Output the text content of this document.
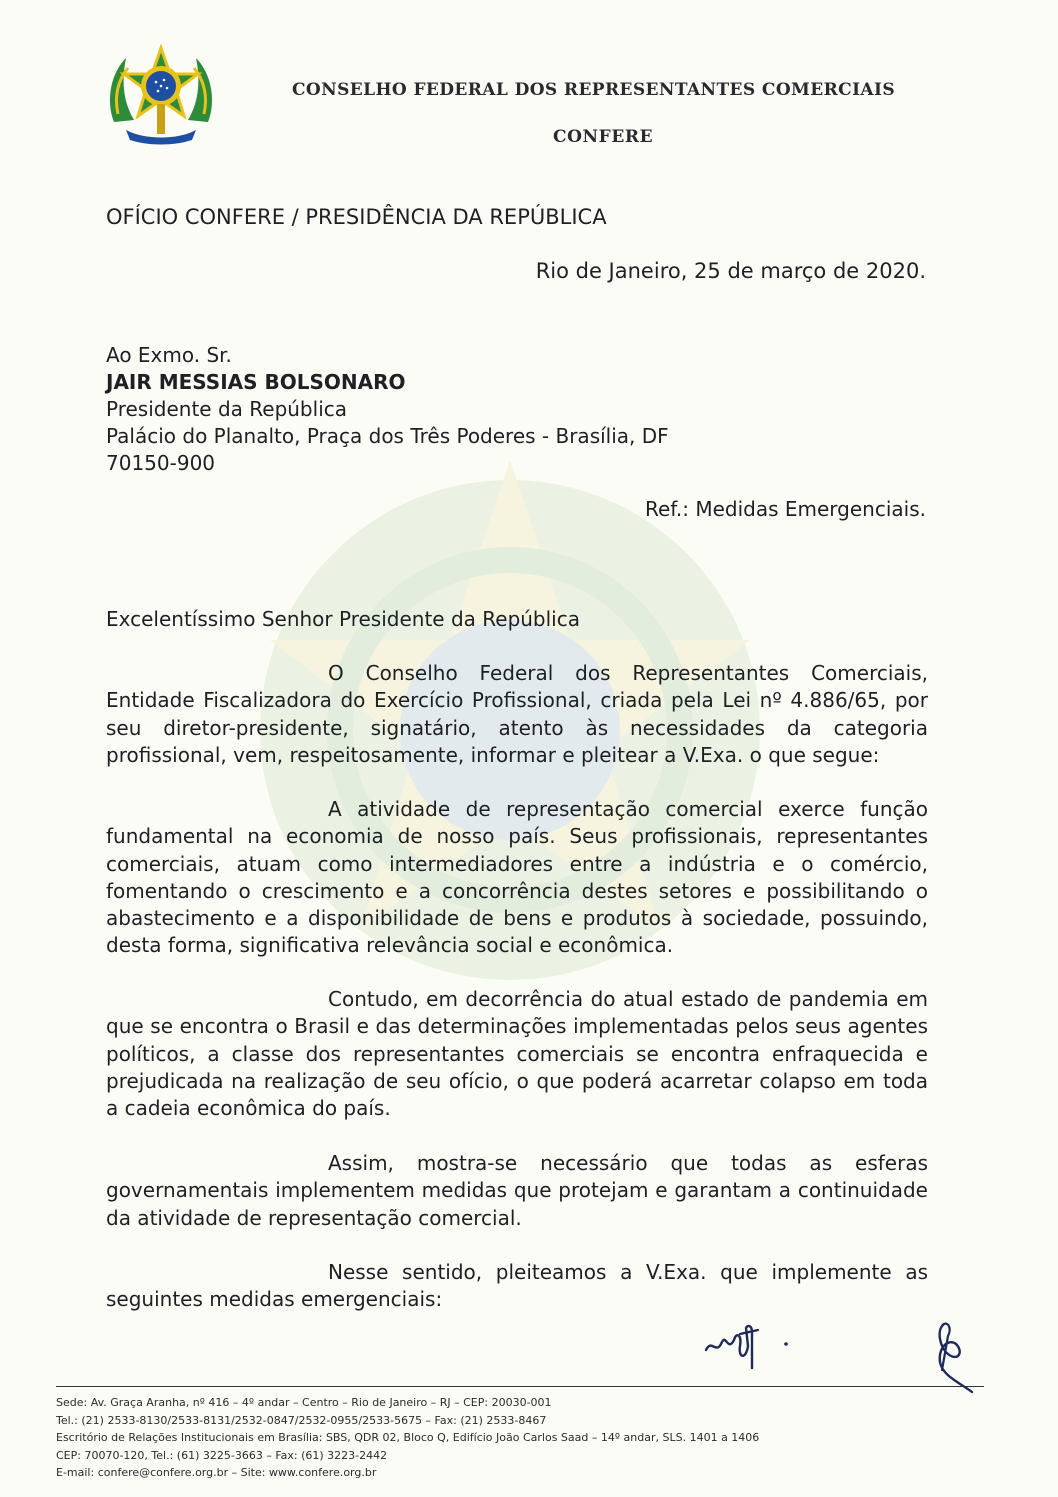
CONSELHO FEDERAL DOS REPRESENTANTES COMERCIAIS
CONFERE
OFÍCIO CONFERE / PRESIDÊNCIA DA REPÚBLICA
Rio de Janeiro, 25 de março de 2020.
Ao Exmo. Sr.
JAIR MESSIAS BOLSONARO
Presidente da República
Palácio do Planalto, Praça dos Três Poderes - Brasília, DF
70150-900
Ref.: Medidas Emergenciais.
Excelentíssimo Senhor Presidente da República

O Conselho Federal dos Representantes Comerciais, Entidade Fiscalizadora do Exercício Profissional, criada pela Lei nº 4.886/65, por seu diretor-presidente, signatário, atento às necessidades da categoria profissional, vem, respeitosamente, informar e pleitear a V.Exa. o que segue:

A atividade de representação comercial exerce função fundamental na economia de nosso país. Seus profissionais, representantes comerciais, atuam como intermediadores entre a indústria e o comércio, fomentando o crescimento e a concorrência destes setores e possibilitando o abastecimento e a disponibilidade de bens e produtos à sociedade, possuindo, desta forma, significativa relevância social e econômica.

Contudo, em decorrência do atual estado de pandemia em que se encontra o Brasil e das determinações implementadas pelos seus agentes políticos, a classe dos representantes comerciais se encontra enfraquecida e prejudicada na realização de seu ofício, o que poderá acarretar colapso em toda a cadeia econômica do país.

Assim, mostra-se necessário que todas as esferas governamentais implementem medidas que protejam e garantam a continuidade da atividade de representação comercial.

Nesse sentido, pleiteamos a V.Exa. que implemente as seguintes medidas emergenciais:

Sede: Av. Graça Aranha, nº 416 – 4º andar – Centro – Rio de Janeiro – RJ – CEP: 20030-001
Tel.: (21) 2533-8130/2533-8131/2532-0847/2532-0955/2533-5675 – Fax: (21) 2533-8467
Escritório de Relações Institucionais em Brasília: SBS, QDR 02, Bloco Q, Edifício João Carlos Saad – 14º andar, SLS. 1401 a 1406
CEP: 70070-120, Tel.: (61) 3225-3663 – Fax: (61) 3223-2442
E-mail: confere@confere.org.br – Site: www.confere.org.br
